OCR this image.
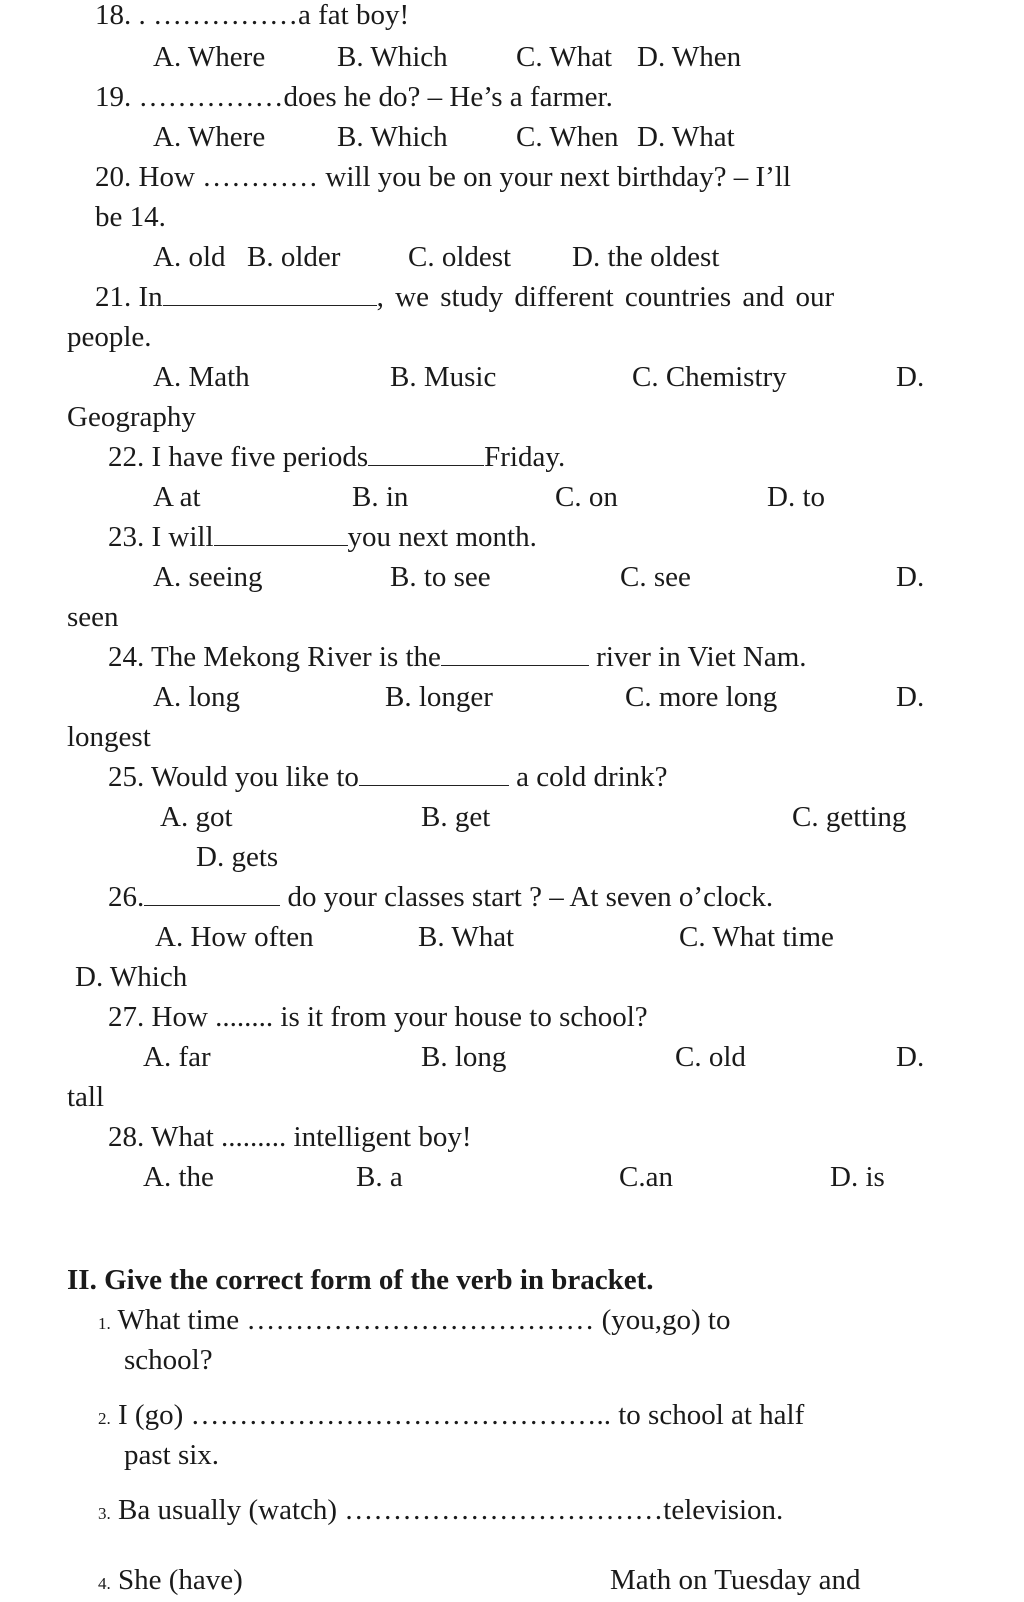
18. . ……………a fat boy!
A. Where B. Which C. What D. When
19. ……………does he do? – He’s a farmer.
A. Where B. Which C. When D. What
20. How ………… will you be on your next birthday? – I’ll
be 14.
A. old B. older C. oldest D. the oldest
21. In	, we study different countries and our
people.
A. Math	B. Music	C. Chemistry	D.
Geography
22. I have five periods	Friday.
A at	B. in	C. on	D. to
23. I will	you next month.
A. seeing	B. to see	C. see	D.
seen
24. The Mekong River is the	river in Viet Nam.
A. long	B. longer	C. more long	D.
longest
25. Would you like to	a cold drink?
A. got	B. get	C. getting
D. gets
26.	do your classes start ? – At seven o’clock.
A. How often	B. What	C. What time
D. Which
27. How ........ is it from your house to school?
A. far	B. long	C. old	D.
tall
28. What ......... intelligent boy!
A. the	B. a	C.an	D. is
II. Give the correct form of the verb in bracket.
1. What time ……………………………… (you,go) to
school?
2. I (go) …………………………………….. to school at half
past six.
3. Ba usually (watch) ……………………………television.
4. She (have)	Math on Tuesday and
